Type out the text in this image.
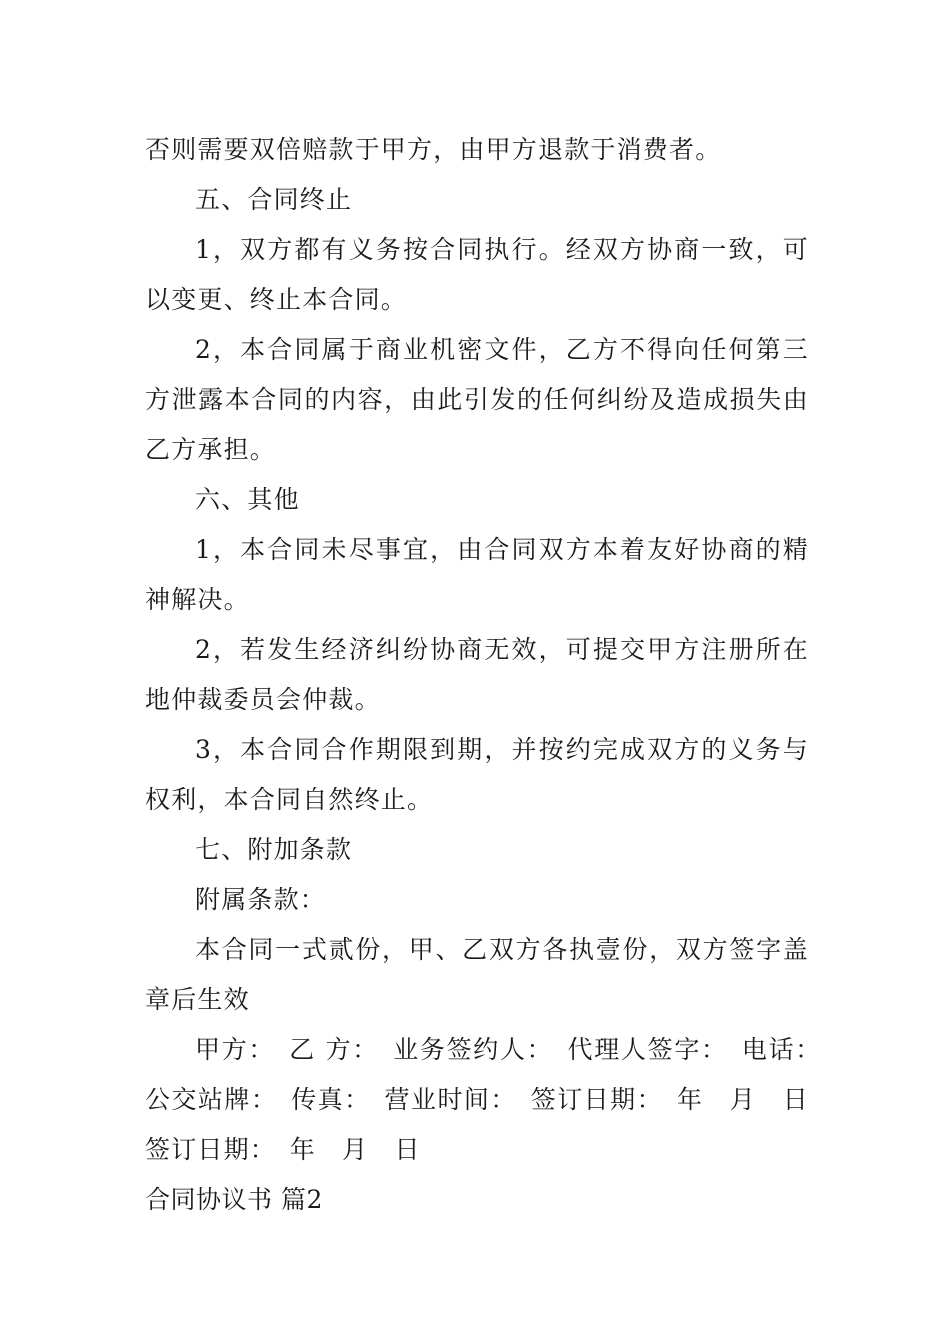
否则需要双倍赔款于甲方，由甲方退款于消费者。

五、合同终止

1，双方都有义务按合同执行。经双方协商一致，可以变更、终止本合同。

2，本合同属于商业机密文件，乙方不得向任何第三方泄露本合同的内容，由此引发的任何纠纷及造成损失由乙方承担。

六、其他

1，本合同未尽事宜，由合同双方本着友好协商的精神解决。

2，若发生经济纠纷协商无效，可提交甲方注册所在地仲裁委员会仲裁。

3，本合同合作期限到期，并按约完成双方的义务与权利，本合同自然终止。

七、附加条款

附属条款：

本合同一式贰份，甲、乙双方各执壹份，双方签字盖章后生效

甲方：　乙 方：　业务签约人：　代理人签字：　电话：　公交站牌：　传真：　营业时间：　签订日期：　年　月　日　签订日期：　年　月　日

合同协议书 篇2
